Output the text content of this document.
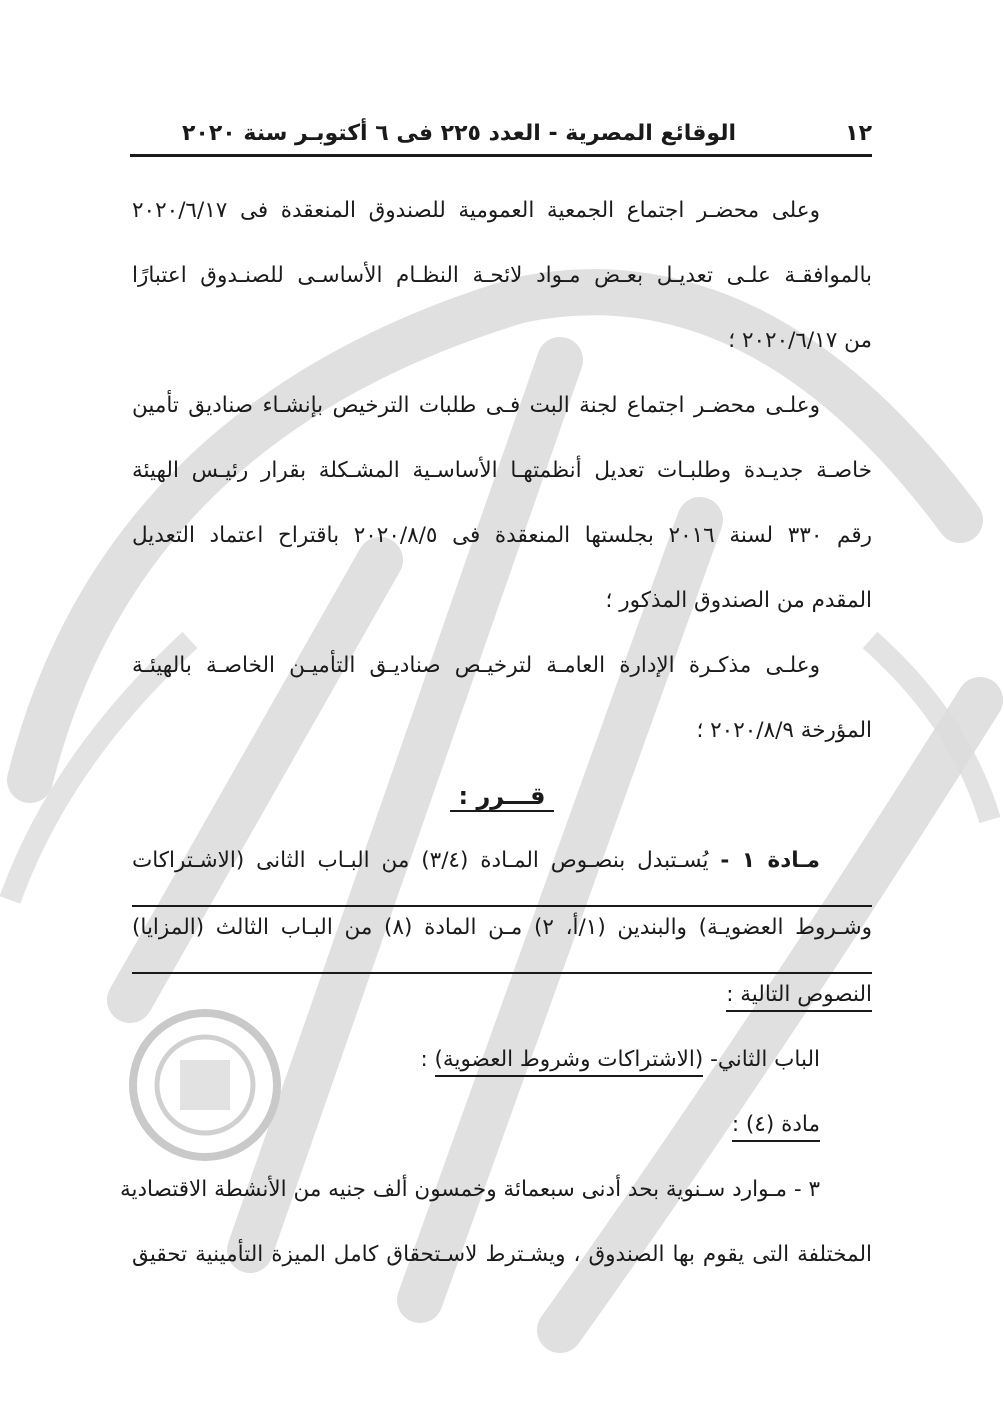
١٢
الوقائع المصرية - العدد ٢٢٥ فى ٦ أكتوبـر سنة ٢٠٢٠
وعلى محضـر اجتماع الجمعية العمومية للصندوق المنعقدة فى ٢٠٢٠/٦/١٧
بالموافقـة علـى تعديـل بعـض مـواد لائحـة النظـام الأساسـى للصنـدوق اعتبارًا
من ٢٠٢٠/٦/١٧ ؛
وعلـى محضـر اجتماع لجنة البت فـى طلبات الترخيص بإنشـاء صناديق تأمين
خاصـة جديـدة وطلبـات تعديل أنظمتهـا الأساسـية المشـكلة بقرار رئيـس الهيئة
رقم ٣٣٠ لسنة ٢٠١٦ بجلستها المنعقدة فى ٢٠٢٠/٨/٥ باقتراح اعتماد التعديل
المقدم من الصندوق المذكور ؛
وعلـى مذكـرة الإدارة العامـة لترخيـص صناديـق التأميـن الخاصـة بالهيئـة
المؤرخة ٢٠٢٠/٨/٩ ؛
قـــرر :
مـادة ١ - يُسـتبدل بنصـوص المـادة (٣/٤) من البـاب الثانى (الاشـتراكات
وشـروط العضويـة) والبندين (١/أ، ٢) مـن المادة (٨) من البـاب الثالث (المزايا)
النصوص التالية :
الباب الثاني- (الاشتراكات وشروط العضوية) :
مادة (٤) :
٣ - مـوارد سـنوية بحد أدنى سبعمائة وخمسون ألف جنيه من الأنشطة الاقتصادية
المختلفة التى يقوم بها الصندوق ، ويشـترط لاسـتحقاق كامل الميزة التأمينية تحقيق
